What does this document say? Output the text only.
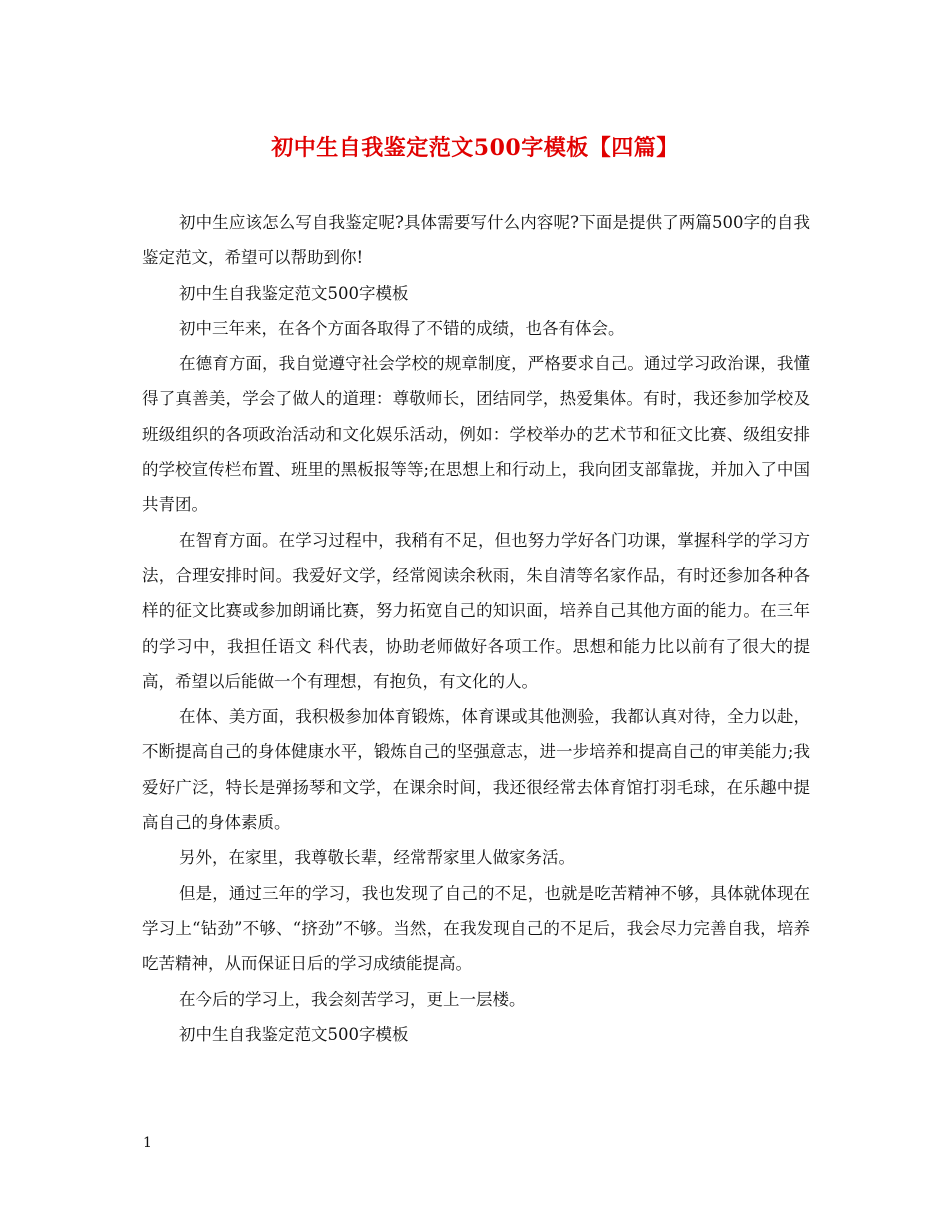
初中生自我鉴定范文500字模板【四篇】

初中生应该怎么写自我鉴定呢?具体需要写什么内容呢?下面是提供了两篇500字的自我鉴定范文，希望可以帮助到你!

初中生自我鉴定范文500字模板

初中三年来，在各个方面各取得了不错的成绩，也各有体会。

在德育方面，我自觉遵守社会学校的规章制度，严格要求自己。通过学习政治课，我懂得了真善美，学会了做人的道理：尊敬师长，团结同学，热爱集体。有时，我还参加学校及班级组织的各项政治活动和文化娱乐活动，例如：学校举办的艺术节和征文比赛、级组安排的学校宣传栏布置、班里的黑板报等等;在思想上和行动上，我向团支部靠拢，并加入了中国共青团。

在智育方面。在学习过程中，我稍有不足，但也努力学好各门功课，掌握科学的学习方法，合理安排时间。我爱好文学，经常阅读余秋雨，朱自清等名家作品，有时还参加各种各样的征文比赛或参加朗诵比赛，努力拓宽自己的知识面，培养自己其他方面的能力。在三年的学习中，我担任语文 科代表，协助老师做好各项工作。思想和能力比以前有了很大的提高，希望以后能做一个有理想，有抱负，有文化的人。

在体、美方面，我积极参加体育锻炼，体育课或其他测验，我都认真对待，全力以赴，不断提高自己的身体健康水平，锻炼自己的坚强意志，进一步培养和提高自己的审美能力;我爱好广泛，特长是弹扬琴和文学，在课余时间，我还很经常去体育馆打羽毛球，在乐趣中提高自己的身体素质。

另外，在家里，我尊敬长辈，经常帮家里人做家务活。

但是，通过三年的学习，我也发现了自己的不足，也就是吃苦精神不够，具体就体现在学习上“钻劲”不够、“挤劲”不够。当然，在我发现自己的不足后，我会尽力完善自我，培养吃苦精神，从而保证日后的学习成绩能提高。

在今后的学习上，我会刻苦学习，更上一层楼。

初中生自我鉴定范文500字模板

1
